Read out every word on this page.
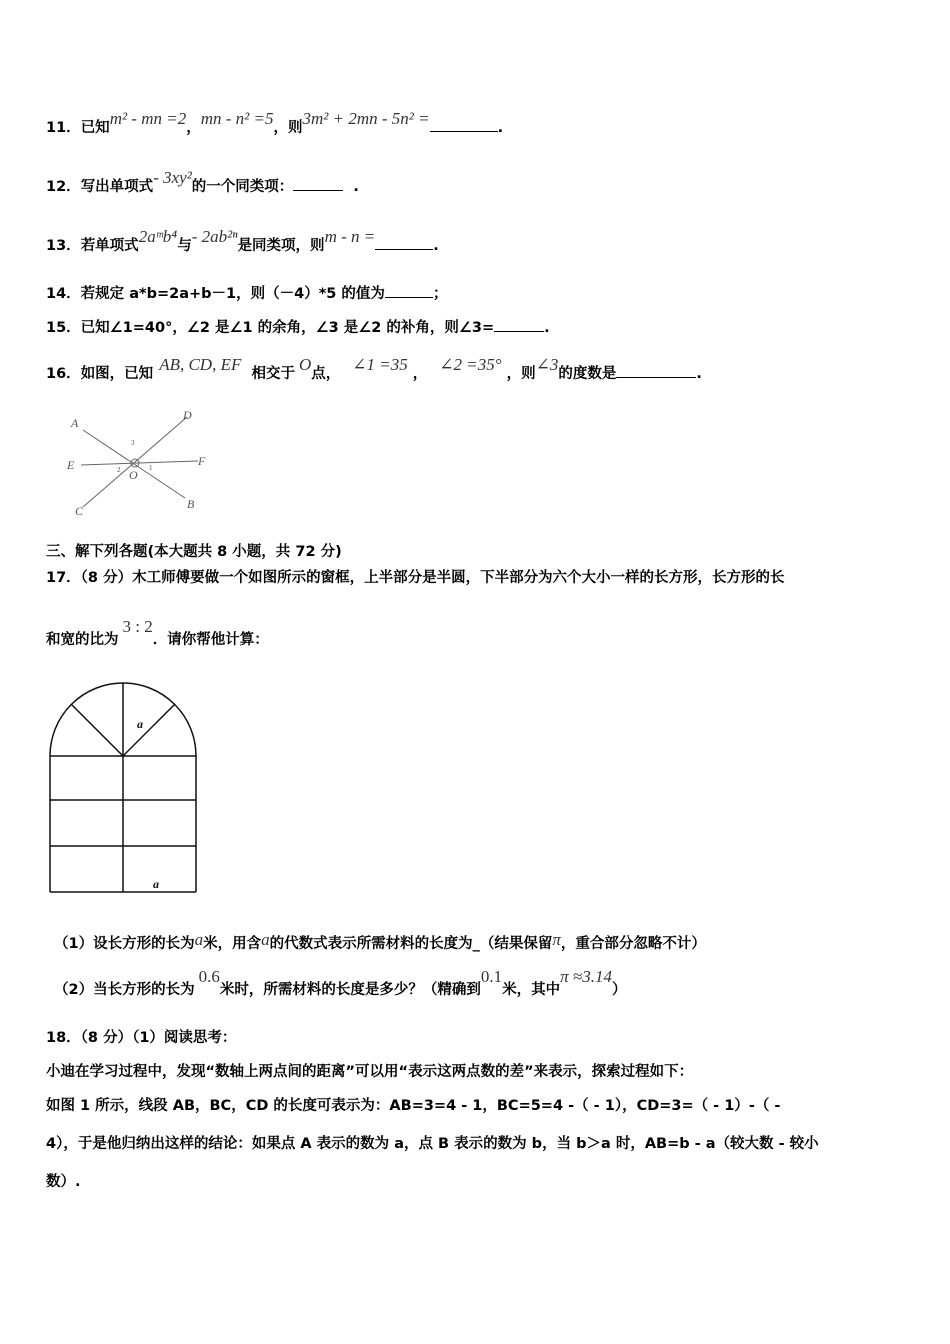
11．已知m² - mn =2，mn - n² =5，则3m² + 2mn - 5n² =	.
12．写出单项式- 3xy²的一个同类项：	.
13．若单项式2aᵐb⁴与- 2ab²ⁿ是同类项，则m - n =	.
14．若规定 a*b=2a+b－1，则（－4）*5 的值为	；
15．已知∠1=40°，∠2 是∠1 的余角，∠3 是∠2 的补角，则∠3=	.
16．如图，已知 AB, CD, EF 相交于 O点， ∠1 =35 ， ∠2 =35° ，则∠3的度数是	.
A
D
E	F
O
B
C
3
2	1
三、解下列各题(本大题共 8 小题，共 72 分)
17．（8 分）木工师傅要做一个如图所示的窗框，上半部分是半圆，下半部分为六个大小一样的长方形，长方形的长
和宽的比为3 : 2．请你帮他计算：
a
a
（1）设长方形的长为a米，用含a的代数式表示所需材料的长度为_（结果保留π，重合部分忽略不计）
（2）当长方形的长为0.6米时，所需材料的长度是多少？（精确到0.1米，其中π ≈3.14）
18．（8 分）（1）阅读思考：
小迪在学习过程中，发现“数轴上两点间的距离”可以用“表示这两点数的差”来表示，探索过程如下：
如图 1 所示，线段 AB，BC，CD 的长度可表示为：AB=3=4 - 1，BC=5=4 -（ - 1），CD=3=（ - 1）-（ -
4），于是他归纳出这样的结论：如果点 A 表示的数为 a，点 B 表示的数为 b，当 b＞a 时，AB=b - a（较大数 - 较小
数）.
